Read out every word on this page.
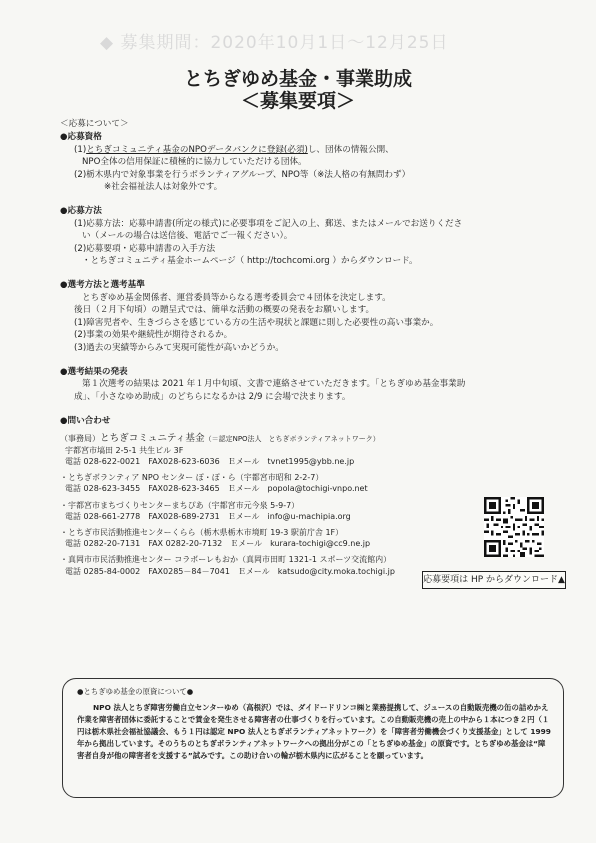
◆ 募集期間：2020年10月1日～12月25日
とちぎゆめ基金・事業助成
＜募集要項＞
＜応募について＞
●応募資格
(1)とちぎコミュニティ基金のNPOデータバンクに登録(必須)し、団体の情報公開、
NPO全体の信用保証に積極的に協力していただける団体。
(2)栃木県内で対象事業を行うボランティアグループ、NPO等（※法人格の有無問わず）
※社会福祉法人は対象外です。
●応募方法
(1)応募方法：応募申請書(所定の様式)に必要事項をご記入の上、郵送、またはメールでお送りくださ
い（メールの場合は送信後、電話でご一報ください）。
(2)応募要項・応募申請書の入手方法
・とちぎコミュニティ基金ホームページ（ http://tochcomi.org ）からダウンロード。
●選考方法と選考基準
とちぎゆめ基金関係者、運営委員等からなる選考委員会で４団体を決定します。
後日（２月下旬頃）の贈呈式では、簡単な活動の概要の発表をお願いします。
(1)障害児者や、生きづらさを感じている方の生活や現状と課題に則した必要性の高い事業か。
(2)事業の効果や継続性が期待されるか。
(3)過去の実績等からみて実現可能性が高いかどうか。
●選考結果の発表
第１次選考の結果は 2021 年１月中旬頃、文書で連絡させていただきます。「とちぎゆめ基金事業助
成」、「小さなゆめ助成」のどちらになるかは 2/9 に会場で決まります。
●問い合わせ
（事務局）とちぎコミュニティ基金（＝認定NPO法人　とちぎボランティアネットワーク）
宇都宮市塙田 2-5-1 共生ビル 3F
電話 028-622-0021　FAX028-623-6036　Ｅメール　tvnet1995@ybb.ne.jp
・とちぎボランティア NPO センター ぽ・ぽ・ら（宇都宮市昭和 2-2-7）
電話 028-623-3455　FAX028-623-3465　Ｅメール　popola@tochigi-vnpo.net
・宇都宮市まちづくりセンターまちぴあ（宇都宮市元今泉 5-9-7）
電話 028-661-2778　FAX028-689-2731　Ｅメール　info@u-machipia.org
・とちぎ市民活動推進センターくらら（栃木県栃木市境町 19-3 駅前庁舎 1F）
電話 0282-20-7131　FAX 0282-20-7132　Ｅメール　kurara-tochigi@cc9.ne.jp
・真岡市市民活動推進センター コラボーレもおか（真岡市田町 1321-1 スポーツ交流館内）
電話 0285-84-0002　FAX0285－84－7041　Ｅメール　katsudo@city.moka.tochigi.jp
応募要項は HP からダウンロード▲
●とちぎゆめ基金の原資について●
NPO 法人とちぎ障害労働自立センターゆめ（高根沢）では、ダイドードリンコ㈱と業務提携して、ジュースの自動販売機の缶の詰めかえ作業を障害者団体に委託することで賃金を発生させる障害者の仕事づくりを行っています。この自動販売機の売上の中から１本につき２円（１円は栃木県社会福祉協議会、もう１円は認定 NPO 法人とちぎボランティアネットワーク）を「障害者労働機会づくり支援基金」として 1999 年から拠出しています。そのうちのとちぎボランティアネットワークへの拠出分がこの「とちぎゆめ基金」の原資です。とちぎゆめ基金は“障害者自身が他の障害者を支援する”試みです。この助け合いの輪が栃木県内に広がることを願っています。
